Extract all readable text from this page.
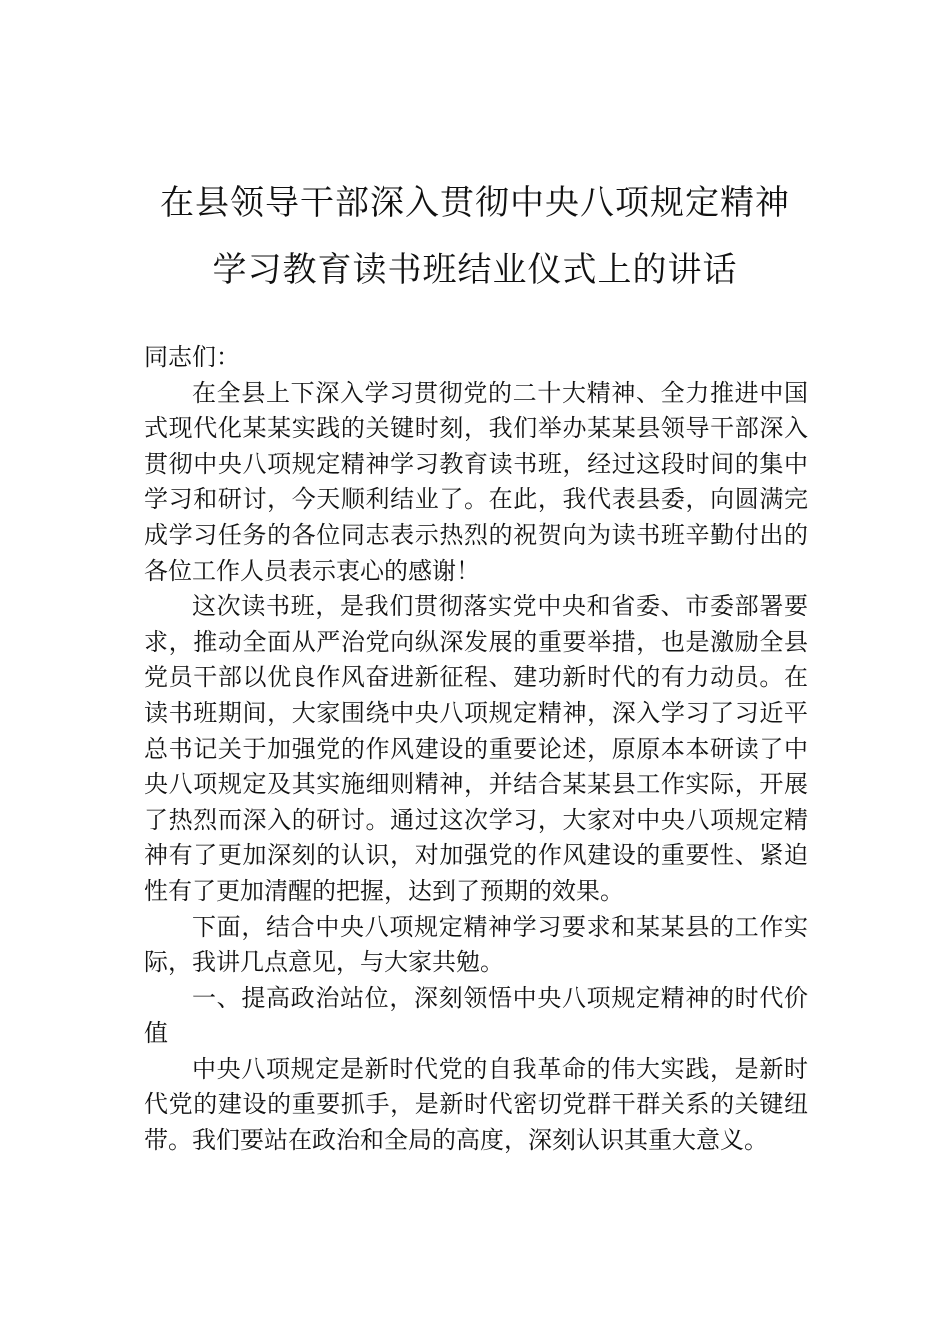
在县领导干部深入贯彻中央八项规定精神
学习教育读书班结业仪式上的讲话

同志们：

在全县上下深入学习贯彻党的二十大精神、全力推进中国式现代化某某实践的关键时刻，我们举办某某县领导干部深入贯彻中央八项规定精神学习教育读书班，经过这段时间的集中学习和研讨，今天顺利结业了。在此，我代表县委，向圆满完成学习任务的各位同志表示热烈的祝贺向为读书班辛勤付出的各位工作人员表示衷心的感谢！

这次读书班，是我们贯彻落实党中央和省委、市委部署要求，推动全面从严治党向纵深发展的重要举措，也是激励全县党员干部以优良作风奋进新征程、建功新时代的有力动员。在读书班期间，大家围绕中央八项规定精神，深入学习了习近平总书记关于加强党的作风建设的重要论述，原原本本研读了中央八项规定及其实施细则精神，并结合某某县工作实际，开展了热烈而深入的研讨。通过这次学习，大家对中央八项规定精神有了更加深刻的认识，对加强党的作风建设的重要性、紧迫性有了更加清醒的把握，达到了预期的效果。

下面，结合中央八项规定精神学习要求和某某县的工作实际，我讲几点意见，与大家共勉。

一、提高政治站位，深刻领悟中央八项规定精神的时代价值

中央八项规定是新时代党的自我革命的伟大实践，是新时代党的建设的重要抓手，是新时代密切党群干群关系的关键纽带。我们要站在政治和全局的高度，深刻认识其重大意义。
